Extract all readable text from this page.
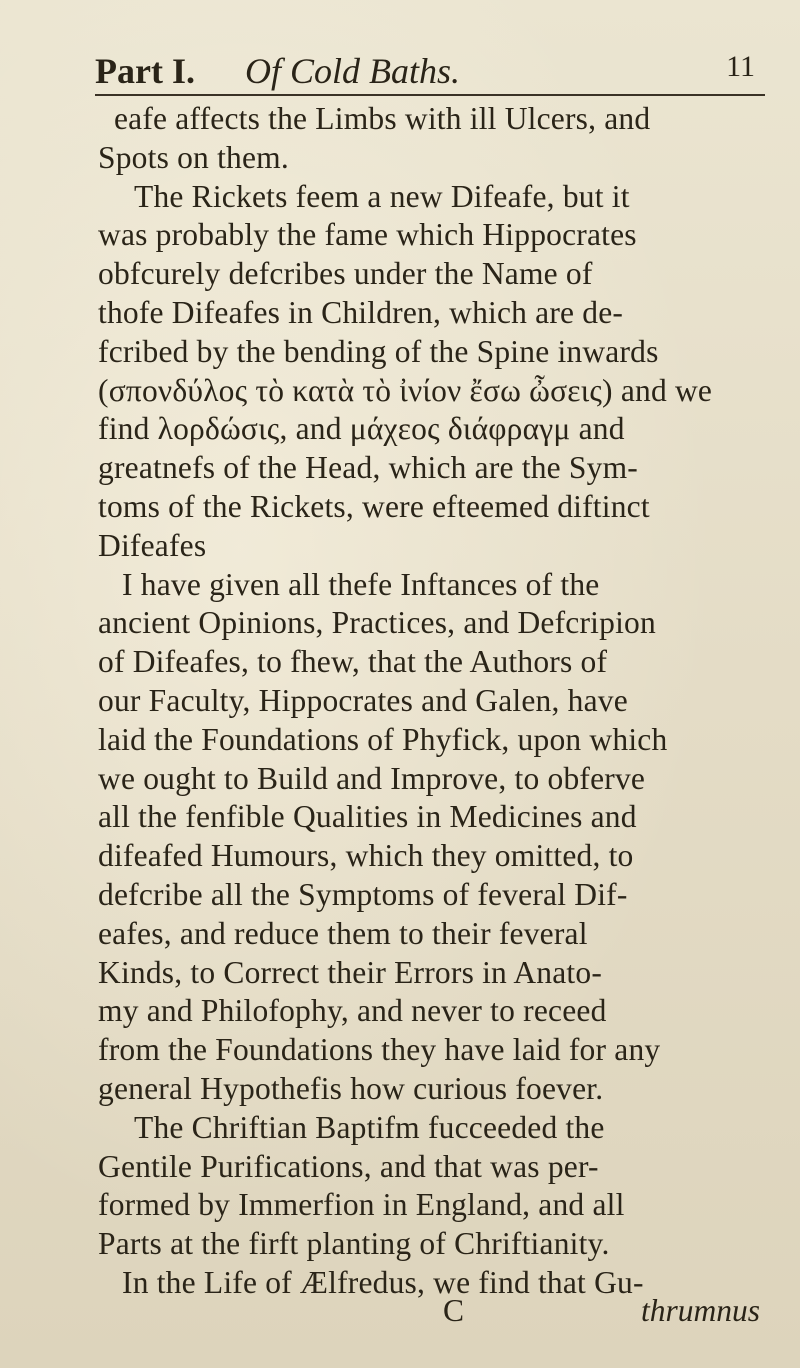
Part I. Of Cold Baths.	11
eafe affects the Limbs with ill Ulcers, and
Spots on them.
The Rickets feem a new Difeafe, but it
was probably the fame which Hippocrates
obfcurely defcribes under the Name of
thofe Difeafes in Children, which are de-
fcribed by the bending of the Spine inwards
(σπονδύλος τὸ κατὰ τὸ ἰνίον ἔσω ὦσεις) and we
find λορδώσις, and μάχεος διάφραγμ and
greatnefs of the Head, which are the Sym-
toms of the Rickets, were efteemed diftinct
Difeafes
I have given all thefe Inftances of the
ancient Opinions, Practices, and Defcripion
of Difeafes, to fhew, that the Authors of
our Faculty, Hippocrates and Galen, have
laid the Foundations of Phyfick, upon which
we ought to Build and Improve, to obferve
all the fenfible Qualities in Medicines and
difeafed Humours, which they omitted, to
defcribe all the Symptoms of feveral Dif-
eafes, and reduce them to their feveral
Kinds, to Correct their Errors in Anato-
my and Philofophy, and never to receed
from the Foundations they have laid for any
general Hypothefis how curious foever.
The Chriftian Baptifm fucceeded the
Gentile Purifications, and that was per-
formed by Immerfion in England, and all
Parts at the firft planting of Chriftianity.
In the Life of Ælfredus, we find that Gu-
C	thrumnus
